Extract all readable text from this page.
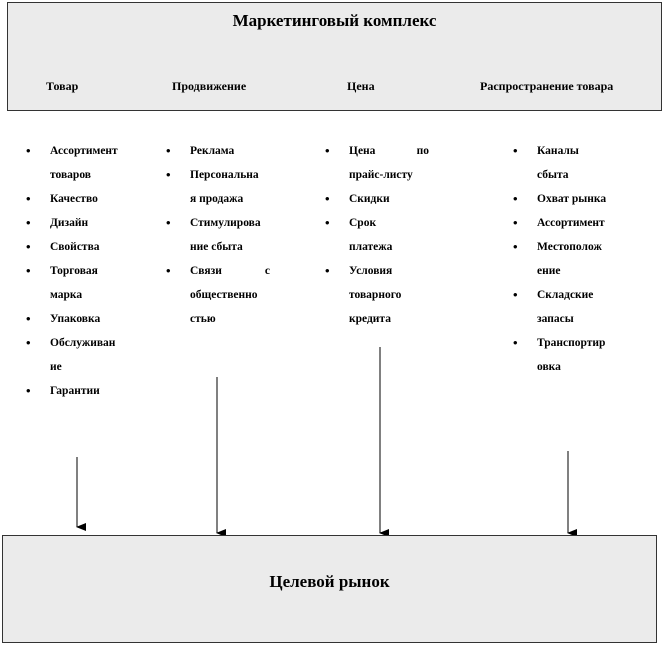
Маркетинговый комплекс
Товар	Продвижение	Цена	Распространение товара
• Ассортимент
товаров
• Качество
• Дизайн
• Свойства
• Торговая
марка
• Упаковка
• Обслуживан
ие
• Гарантии
• Реклама
• Персональна
я продажа
• Стимулирова
ние сбыта
• Связи с
общественно
стью
• Цена по
прайс-листу
• Скидки
• Срок
платежа
• Условия
товарного
кредита
• Каналы
сбыта
• Охват рынка
• Ассортимент
• Местополож
ение
• Складские
запасы
• Транспортир
овка
Целевой рынок
